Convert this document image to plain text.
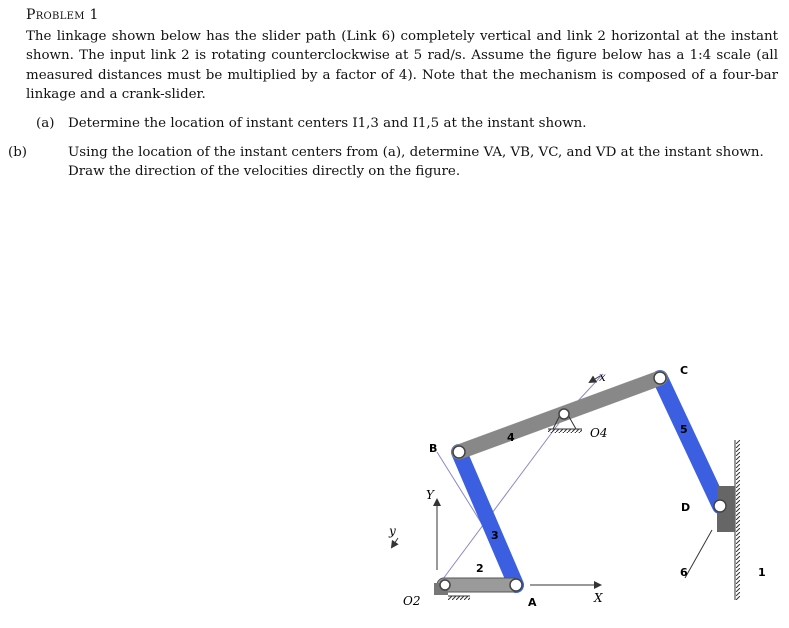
Problem 1
The linkage shown below has the slider path (Link 6) completely vertical and link 2 horizontal at the instant shown. The input link 2 is rotating counterclockwise at 5 rad/s. Assume the figure below has a 1:4 scale (all measured distances must be multiplied by a factor of 4). Note that the mechanism is composed of a four-bar linkage and a crank-slider.
(a) Determine the location of instant centers I1,3 and I1,5 at the instant shown.
(b)	Using the location of the instant centers from (a), determine VA, VB, VC, and VD at the instant shown. Draw the direction of the velocities directly on the figure.
B
C
D
A
O2
O4
4
5
3
2	6	1
x
X
y
Y
